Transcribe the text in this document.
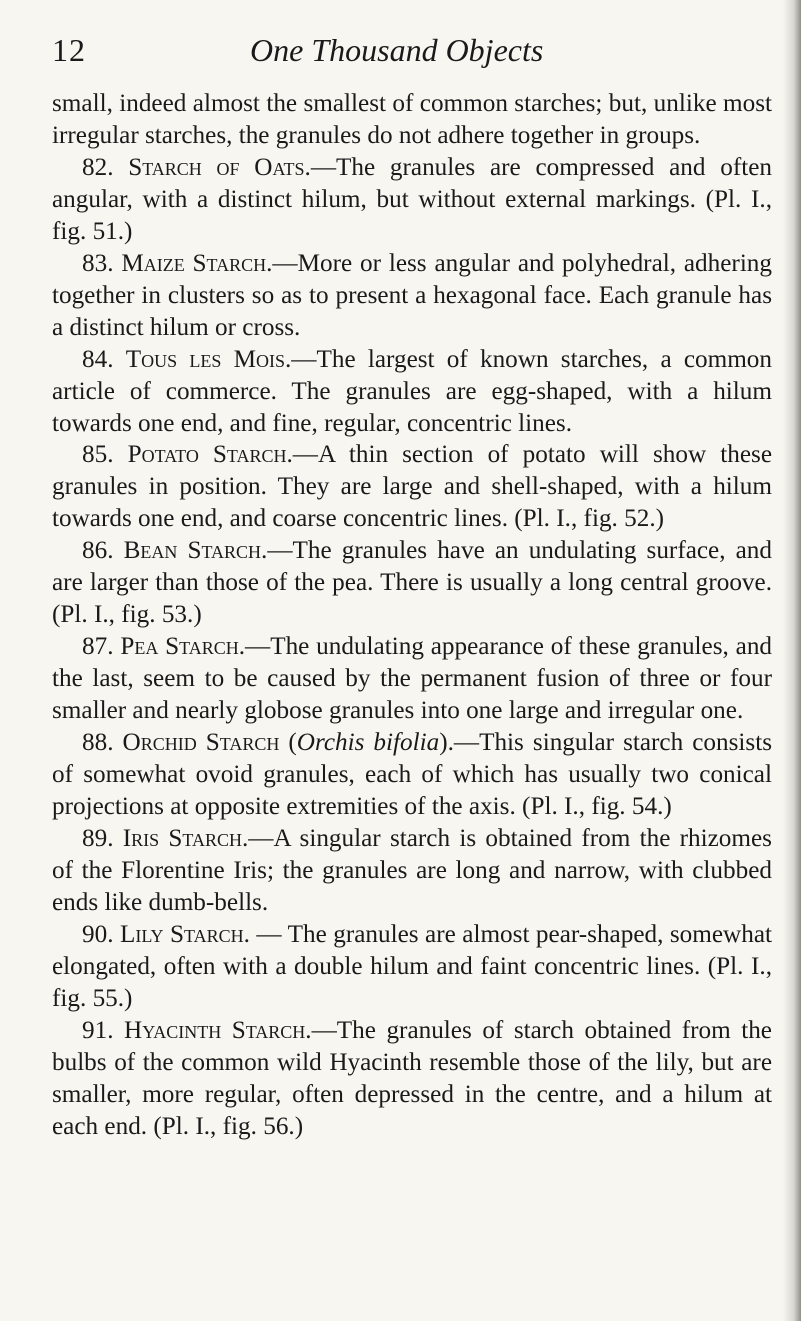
12	One Thousand Objects

small, indeed almost the smallest of common starches; but, unlike most irregular starches, the granules do not adhere together in groups.

82. Starch of Oats.—The granules are compressed and often angular, with a distinct hilum, but without external markings. (Pl. I., fig. 51.)

83. Maize Starch.—More or less angular and polyhedral, adhering together in clusters so as to present a hexagonal face. Each granule has a distinct hilum or cross.

84. Tous les Mois.—The largest of known starches, a common article of commerce. The granules are egg-shaped, with a hilum towards one end, and fine, regular, concentric lines.

85. Potato Starch.—A thin section of potato will show these granules in position. They are large and shell-shaped, with a hilum towards one end, and coarse concentric lines. (Pl. I., fig. 52.)

86. Bean Starch.—The granules have an undulating surface, and are larger than those of the pea. There is usually a long central groove. (Pl. I., fig. 53.)

87. Pea Starch.—The undulating appearance of these granules, and the last, seem to be caused by the permanent fusion of three or four smaller and nearly globose granules into one large and irregular one.

88. Orchid Starch (Orchis bifolia).—This singular starch consists of somewhat ovoid granules, each of which has usually two conical projections at opposite extremities of the axis. (Pl. I., fig. 54.)

89. Iris Starch.—A singular starch is obtained from the rhizomes of the Florentine Iris; the granules are long and narrow, with clubbed ends like dumb-bells.

90. Lily Starch. — The granules are almost pear-shaped, somewhat elongated, often with a double hilum and faint concentric lines. (Pl. I., fig. 55.)

91. Hyacinth Starch.—The granules of starch obtained from the bulbs of the common wild Hyacinth resemble those of the lily, but are smaller, more regular, often depressed in the centre, and a hilum at each end. (Pl. I., fig. 56.)
